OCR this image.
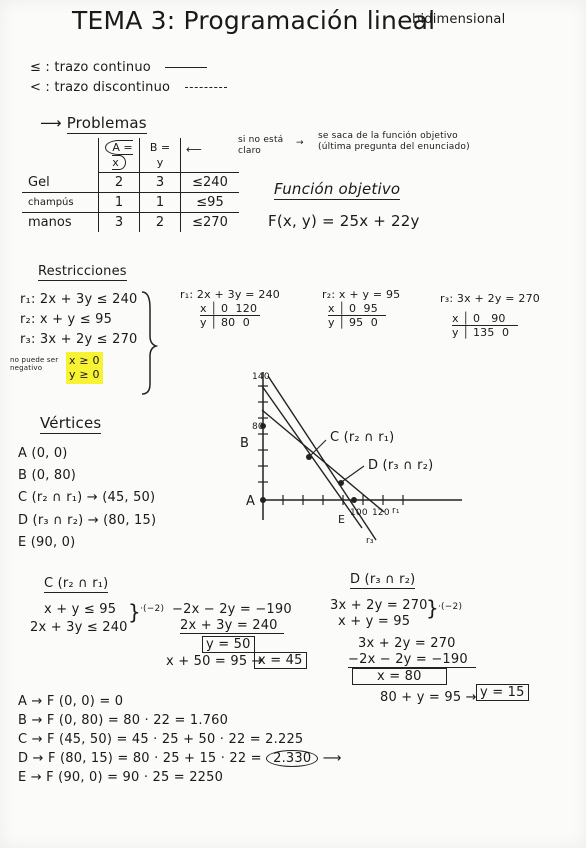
TEMA 3: Programación lineal
bidimensional
≤ : trazo continuo
< : trazo discontinuo
⟶ Problemas
	A = x	B = y	
Gel	2	3	≤240
champús	1	1	≤95
manos	3	2	≤270
⟵
si no está claro
→
se saca de la función objetivo (última pregunta del enunciado)
Función objetivo
F(x, y) = 25x + 22y
Restricciones
r₁: 2x + 3y ≤ 240
r₂: x + y ≤ 95
r₃: 3x + 2y ≤ 270
no puede ser negativo
x ≥ 0
y ≥ 0
r₁: 2x + 3y = 240
x │ 0 120
y │ 80 0
r₂: x + y = 95
x │ 0 95
y │ 95 0
r₃: 3x + 2y = 270
x │ 0 90
y │ 135 0
Vértices
A (0, 0)
B (0, 80)
C (r₂ ∩ r₁) → (45, 50)
D (r₃ ∩ r₂) → (80, 15)
E (90, 0)
140
80
B
A
100 120
E
r₁
r₃
C (r₂ ∩ r₁)
D (r₃ ∩ r₂)
C (r₂ ∩ r₁)
x + y ≤ 95
2x + 3y ≤ 240
} ·(−2) −2x − 2y = −190
2x + 3y = 240
y = 50
x + 50 = 95 →
x = 45
D (r₃ ∩ r₂)
3x + 2y = 270
x + y = 95
} ·(−2)
3x + 2y = 270
−2x − 2y = −190
x = 80
80 + y = 95 → y = 15
A → F (0, 0) = 0
B → F (0, 80) = 80 · 22 = 1.760
C → F (45, 50) = 45 · 25 + 50 · 22 = 2.225
D → F (80, 15) = 80 · 25 + 15 · 22 = 2.330 ⟶
E → F (90, 0) = 90 · 25 = 2250
